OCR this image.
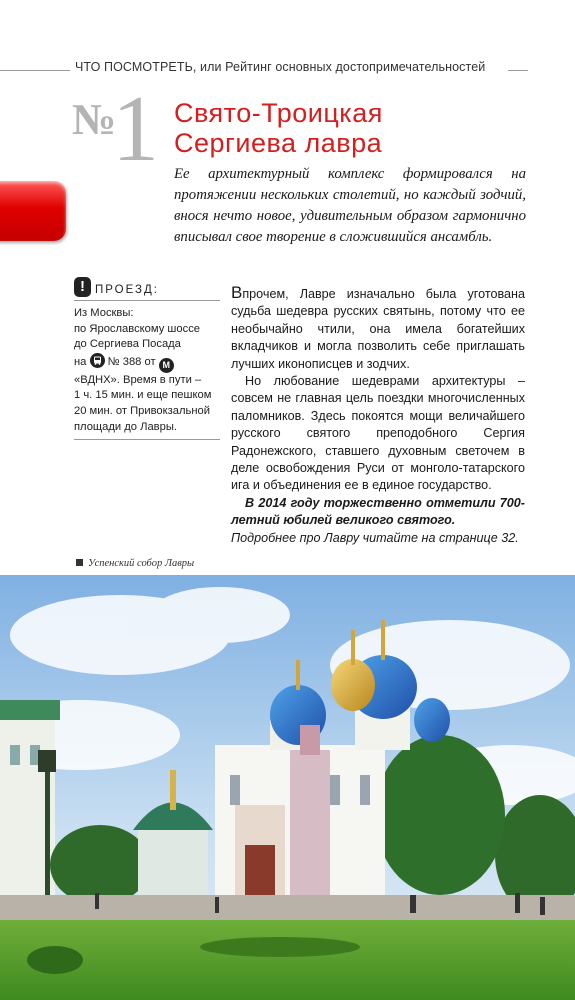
ЧТО ПОСМОТРЕТЬ, или Рейтинг основных достопримечательностей
№
1 Свято-Троицкая
Сергиева лавра
Ее архитектурный комплекс формировался на протяжении нескольких столетий, но каждый зодчий, внося нечто новое, удивительным образом гармонично вписывал свое творение в сложившийся ансамбль.
! ПРОЕЗД:
Из Москвы:
по Ярославскому шоссе
до Сергиева Посада
на № 388 от M
«ВДНХ». Время в пути –
1 ч. 15 мин. и еще пешком
20 мин. от Привокзальной
площади до Лавры.

Впрочем, Лавре изначально была уготована судьба шедевра русских святынь, потому что ее необычайно чтили, она имела богатейших вкладчиков и могла позволить себе приглашать лучших иконописцев и зодчих.

Но любование шедеврами архитектуры – совсем не главная цель поездки многочисленных паломников. Здесь покоятся мощи величайшего русского святого преподобного Сергия Радонежского, ставшего духовным светочем в деле освобождения Руси от монголо-татарского ига и объединения ее в единое государство.

В 2014 году торжественно отметили 700-летний юбилей великого святого.

Подробнее про Лавру читайте на странице 32.

Успенский собор Лавры
